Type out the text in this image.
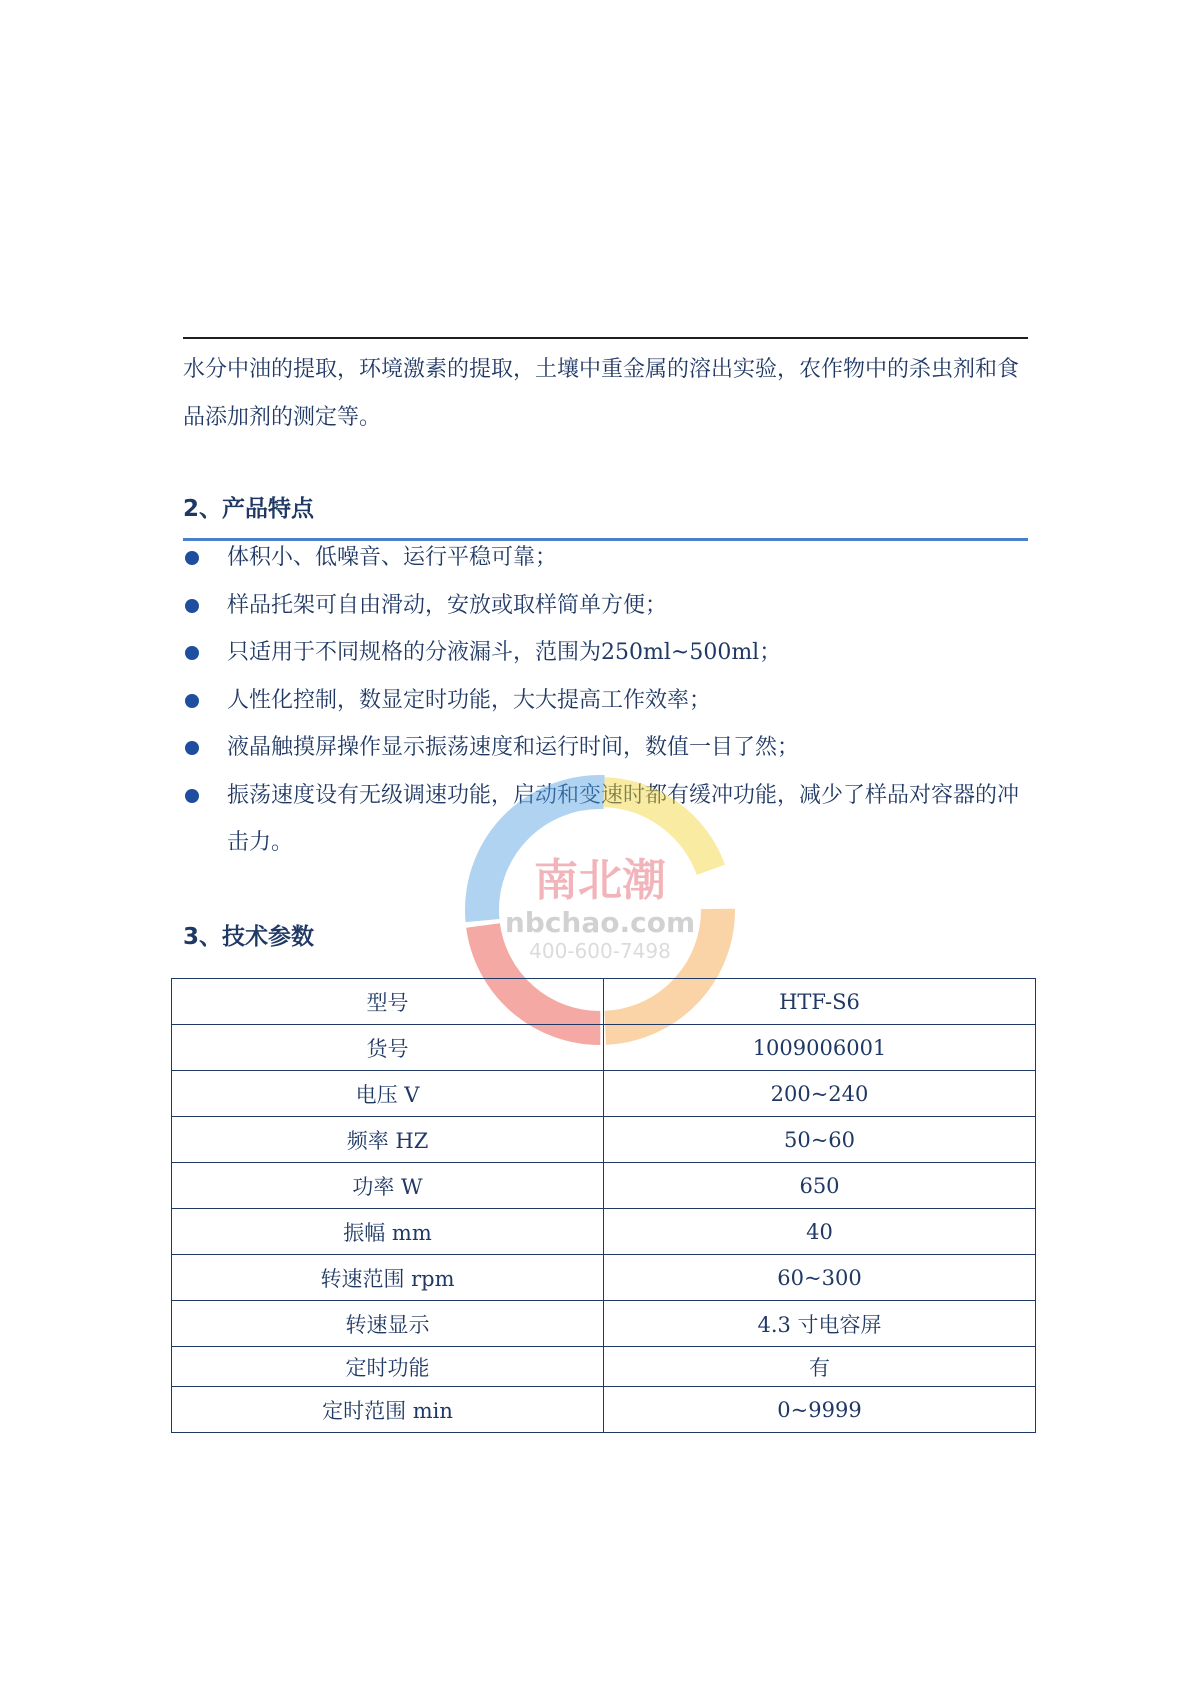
水分中油的提取，环境激素的提取，土壤中重金属的溶出实验，农作物中的杀虫剂和食品添加剂的测定等。
2、产品特点
体积小、低噪音、运行平稳可靠；
样品托架可自由滑动，安放或取样简单方便；
只适用于不同规格的分液漏斗，范围为250ml~500ml；
人性化控制，数显定时功能，大大提高工作效率；
液晶触摸屏操作显示振荡速度和运行时间，数值一目了然；
振荡速度设有无级调速功能，启动和变速时都有缓冲功能，减少了样品对容器的冲击力。
南北潮
nbchao.com
400-600-7498
3、技术参数
型号	HTF-S6
货号	1009006001
电压 V	200~240
频率 HZ	50~60
功率 W	650
振幅 mm	40
转速范围 rpm	60~300
转速显示	4.3 寸电容屏
定时功能	有
定时范围 min	0~9999
